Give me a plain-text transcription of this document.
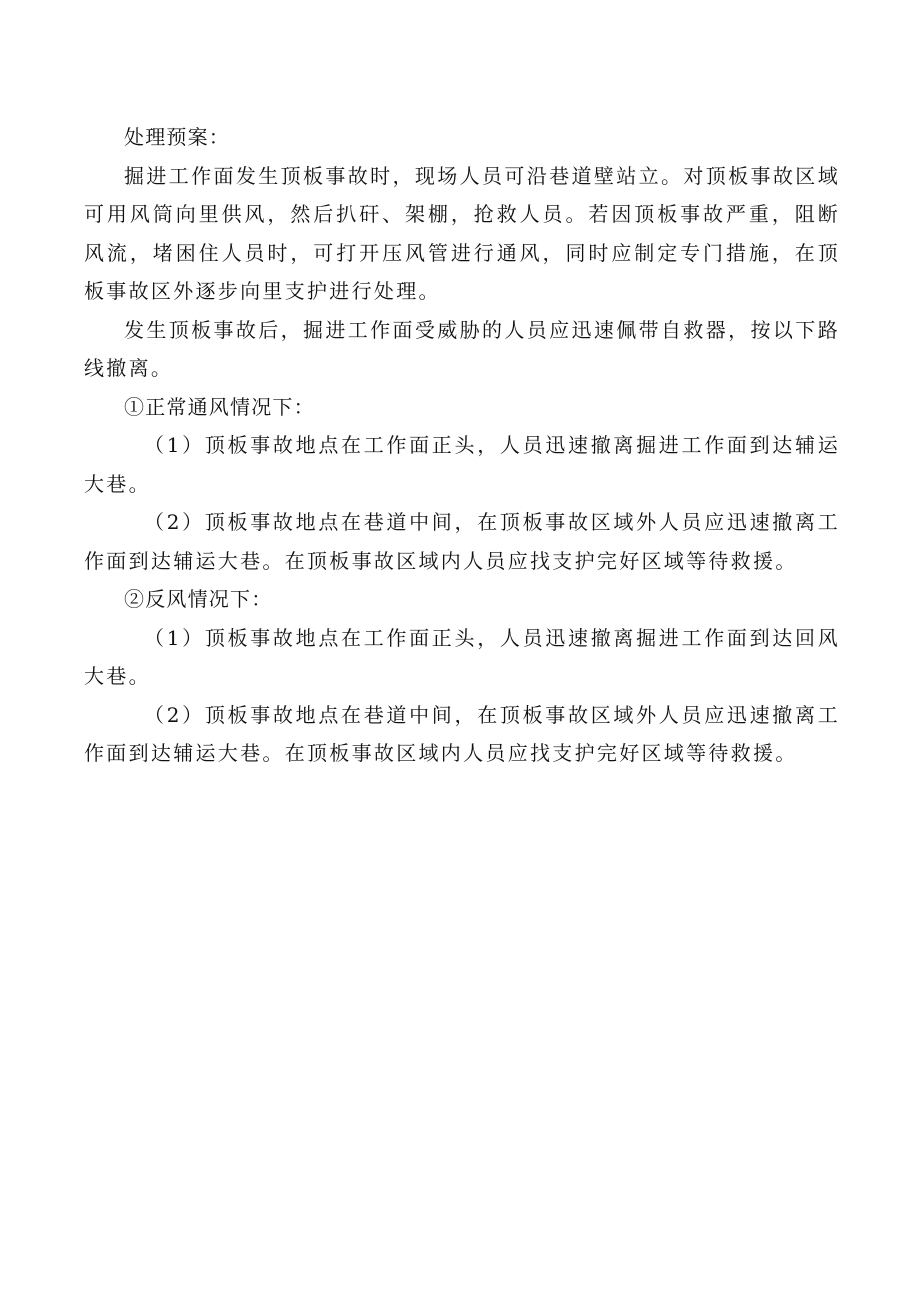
处理预案：

掘进工作面发生顶板事故时，现场人员可沿巷道壁站立。对顶板事故区域可用风筒向里供风，然后扒矸、架棚，抢救人员。若因顶板事故严重，阻断风流，堵困住人员时，可打开压风管进行通风，同时应制定专门措施，在顶板事故区外逐步向里支护进行处理。

发生顶板事故后，掘进工作面受威胁的人员应迅速佩带自救器，按以下路线撤离。

①正常通风情况下：

（1）顶板事故地点在工作面正头，人员迅速撤离掘进工作面到达辅运大巷。

（2）顶板事故地点在巷道中间，在顶板事故区域外人员应迅速撤离工作面到达辅运大巷。在顶板事故区域内人员应找支护完好区域等待救援。

②反风情况下：

（1）顶板事故地点在工作面正头，人员迅速撤离掘进工作面到达回风大巷。

（2）顶板事故地点在巷道中间，在顶板事故区域外人员应迅速撤离工作面到达辅运大巷。在顶板事故区域内人员应找支护完好区域等待救援。
